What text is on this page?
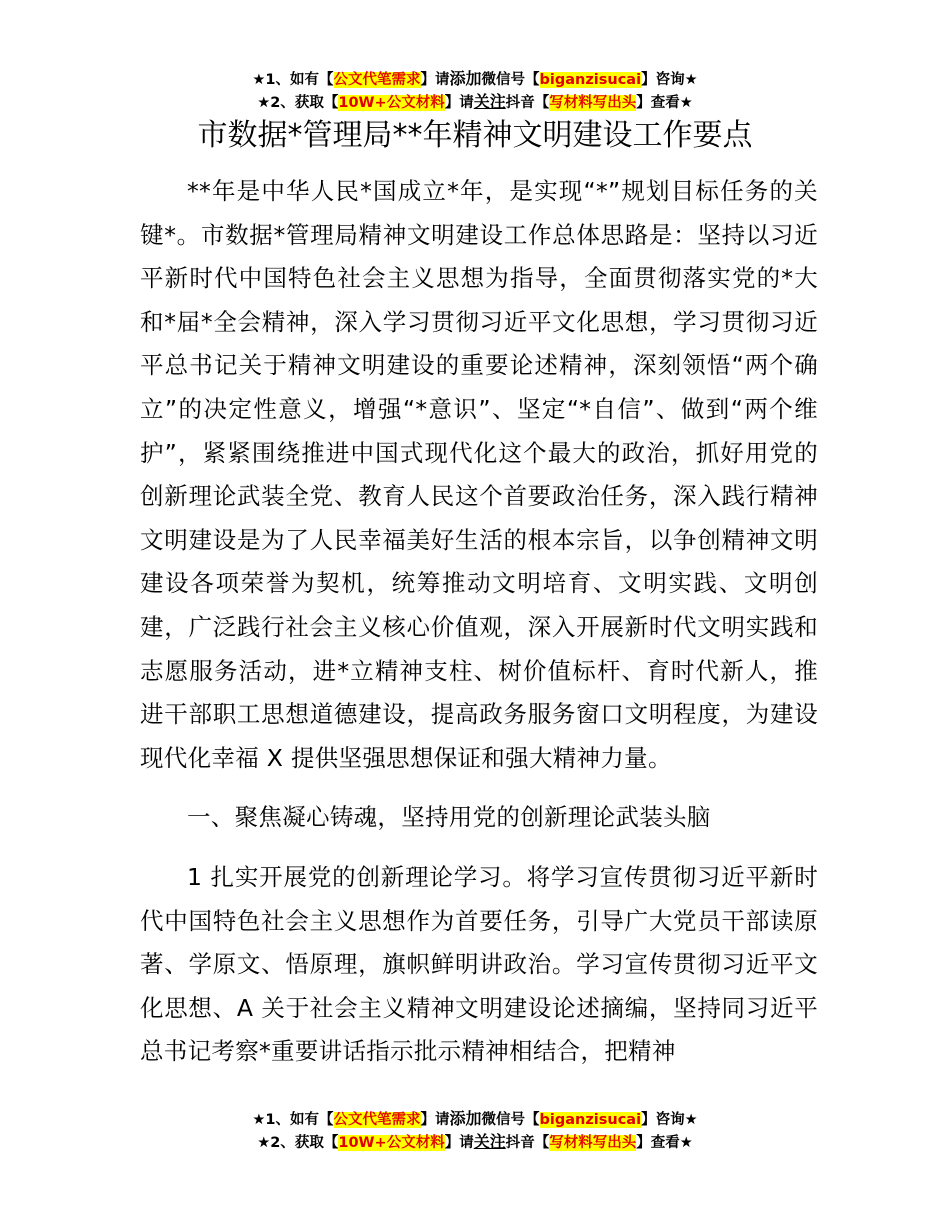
★1、如有【公文代笔需求】请添加微信号【biganzisucai】咨询★
★2、获取【10W+公文材料】请关注抖音【写材料写出头】查看★
市数据*管理局**年精神文明建设工作要点

**年是中华人民*国成立*年，是实现“*”规划目标任务的关键*。市数据*管理局精神文明建设工作总体思路是：坚持以习近平新时代中国特色社会主义思想为指导，全面贯彻落实党的*大和*届*全会精神，深入学习贯彻习近平文化思想，学习贯彻习近平总书记关于精神文明建设的重要论述精神，深刻领悟“两个确立”的决定性意义，增强“*意识”、坚定“*自信”、做到“两个维护”，紧紧围绕推进中国式现代化这个最大的政治，抓好用党的创新理论武装全党、教育人民这个首要政治任务，深入践行精神文明建设是为了人民幸福美好生活的根本宗旨，以争创精神文明建设各项荣誉为契机，统筹推动文明培育、文明实践、文明创建，广泛践行社会主义核心价值观，深入开展新时代文明实践和志愿服务活动，进*立精神支柱、树价值标杆、育时代新人，推进干部职工思想道德建设，提高政务服务窗口文明程度，为建设现代化幸福 X 提供坚强思想保证和强大精神力量。

一、聚焦凝心铸魂，坚持用党的创新理论武装头脑

1 扎实开展党的创新理论学习。将学习宣传贯彻习近平新时代中国特色社会主义思想作为首要任务，引导广大党员干部读原著、学原文、悟原理，旗帜鲜明讲政治。学习宣传贯彻习近平文化思想、A 关于社会主义精神文明建设论述摘编，坚持同习近平总书记考察*重要讲话指示批示精神相结合，把精神

★1、如有【公文代笔需求】请添加微信号【biganzisucai】咨询★
★2、获取【10W+公文材料】请关注抖音【写材料写出头】查看★
